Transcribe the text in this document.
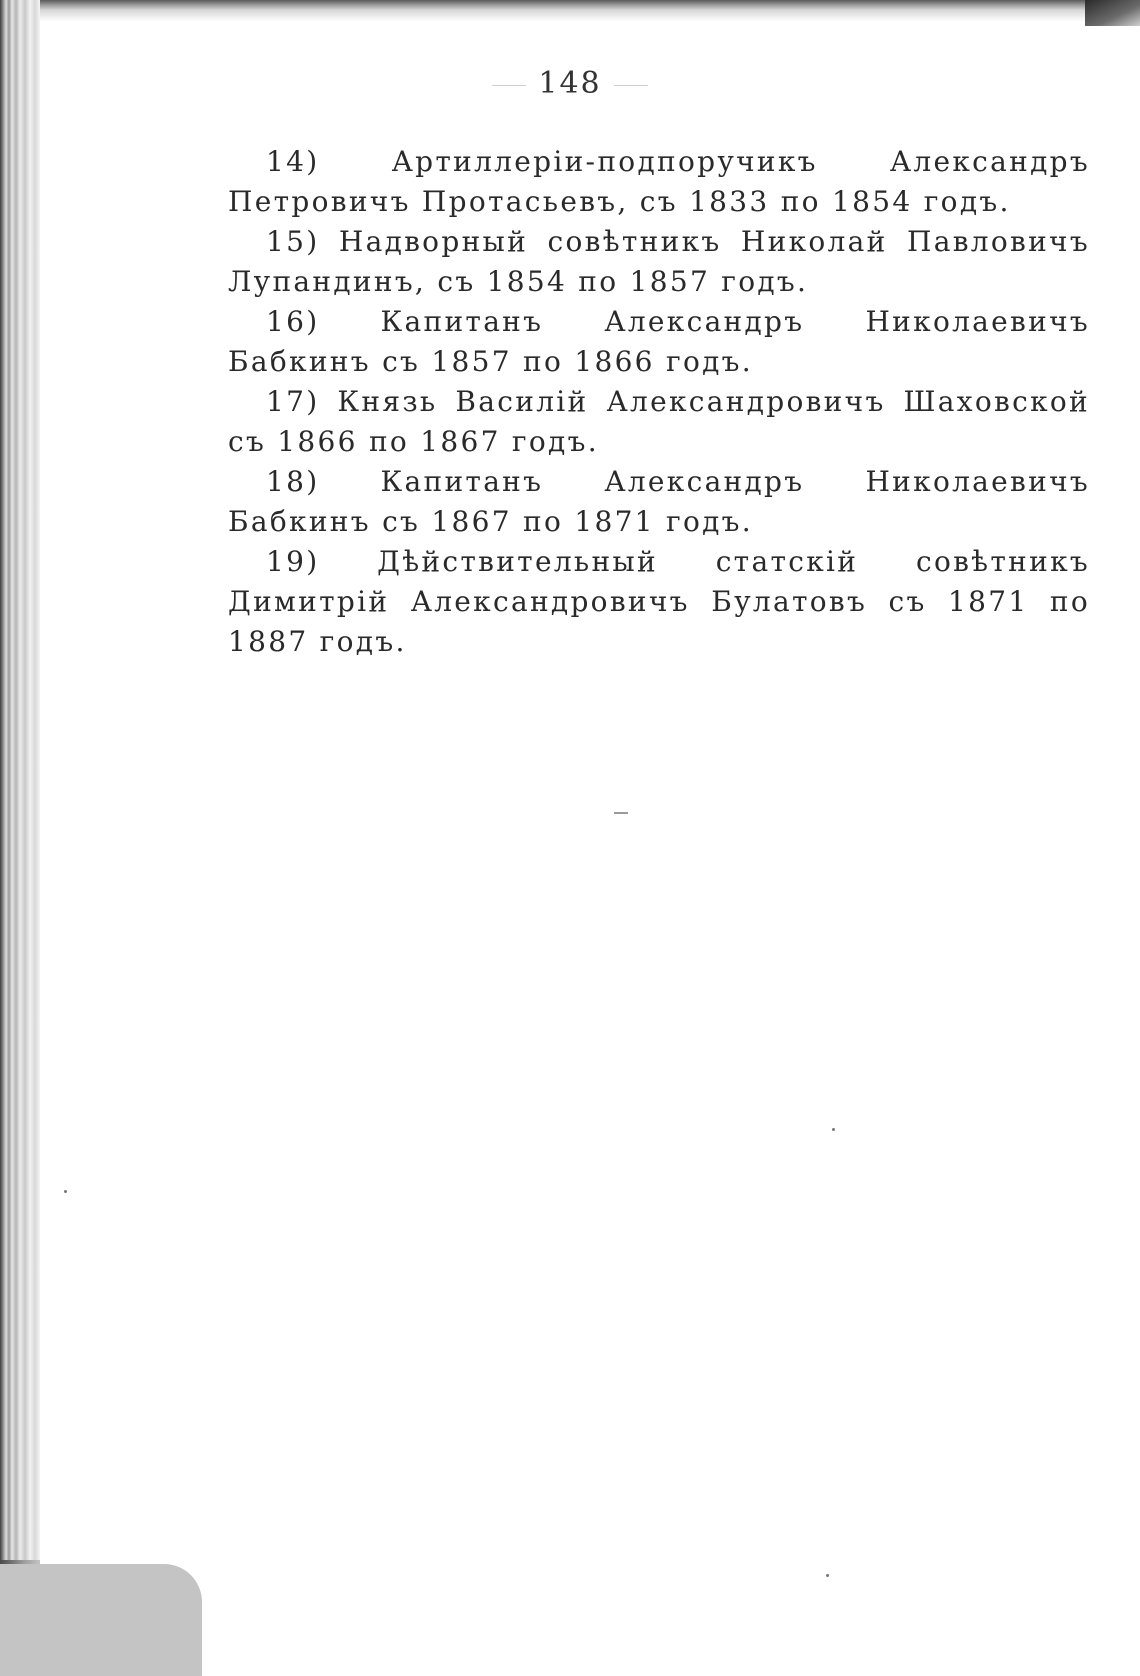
148

14) Артиллеріи-подпоручикъ Александръ Петровичъ Протасьевъ, съ 1833 по 1854 годъ.

15) Надворный совѣтникъ Николай Павловичъ Лупандинъ, съ 1854 по 1857 годъ.

16) Капитанъ Александръ Николаевичъ Бабкинъ съ 1857 по 1866 годъ.

17) Князь Василій Александровичъ Шаховской съ 1866 по 1867 годъ.

18) Капитанъ Александръ Николаевичъ Бабкинъ съ 1867 по 1871 годъ.

19) Дѣйствительный статскій совѣтникъ Димитрій Александровичъ Булатовъ съ 1871 по 1887 годъ.
